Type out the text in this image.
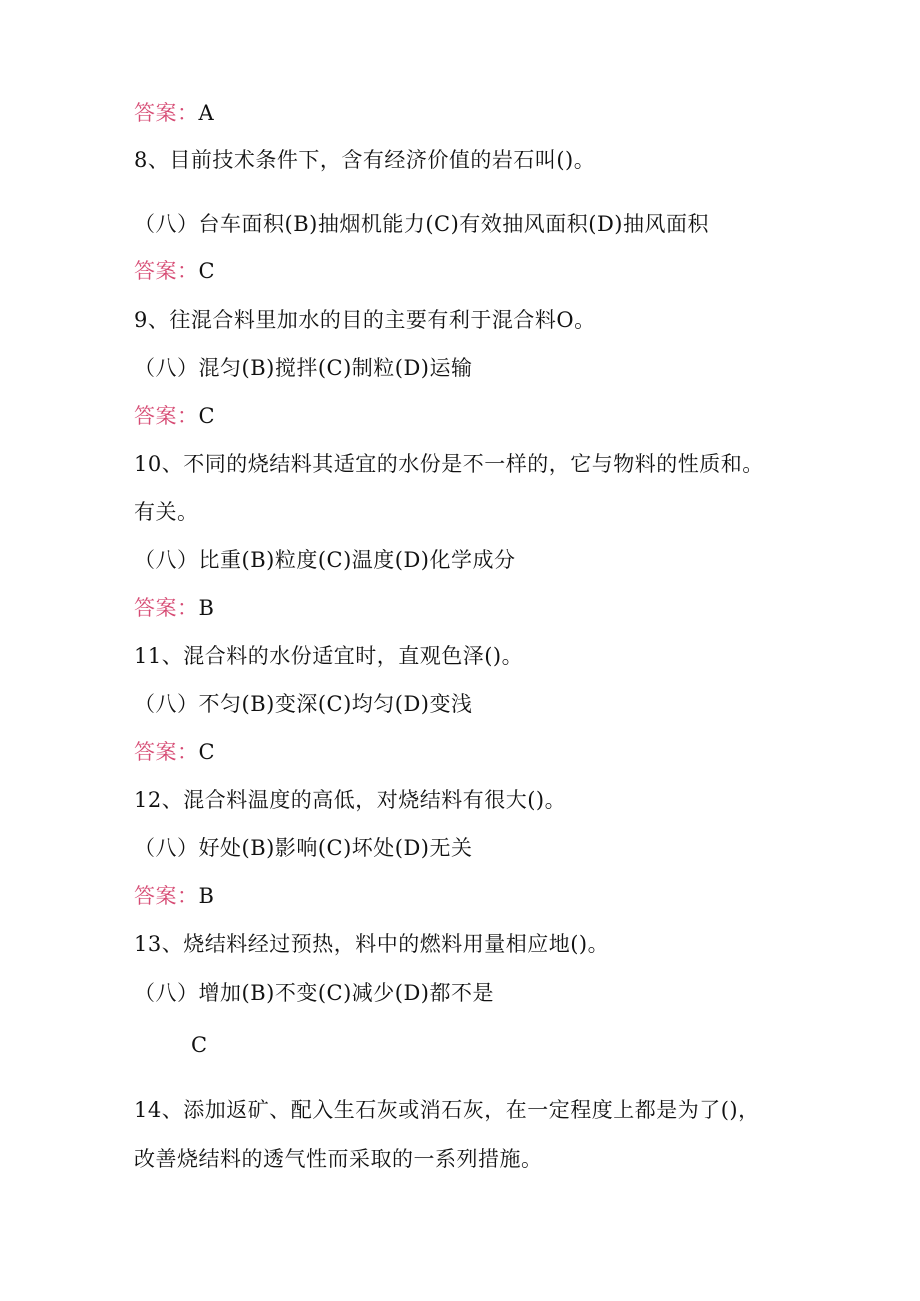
答案：A
8、目前技术条件下，含有经济价值的岩石叫()。
（八）台车面积(B)抽烟机能力(C)有效抽风面积(D)抽风面积
答案：C
9、往混合料里加水的目的主要有利于混合料O。
（八）混匀(B)搅拌(C)制粒(D)运输
答案：C
10、不同的烧结料其适宜的水份是不一样的，它与物料的性质和。
有关。
（八）比重(B)粒度(C)温度(D)化学成分
答案：B
11、混合料的水份适宜时，直观色泽()。
（八）不匀(B)变深(C)均匀(D)变浅
答案：C
12、混合料温度的高低，对烧结料有很大()。
（八）好处(B)影响(C)坏处(D)无关
答案：B
13、烧结料经过预热，料中的燃料用量相应地()。
（八）增加(B)不变(C)减少(D)都不是
C
14、添加返矿、配入生石灰或消石灰，在一定程度上都是为了()，
改善烧结料的透气性而采取的一系列措施。
